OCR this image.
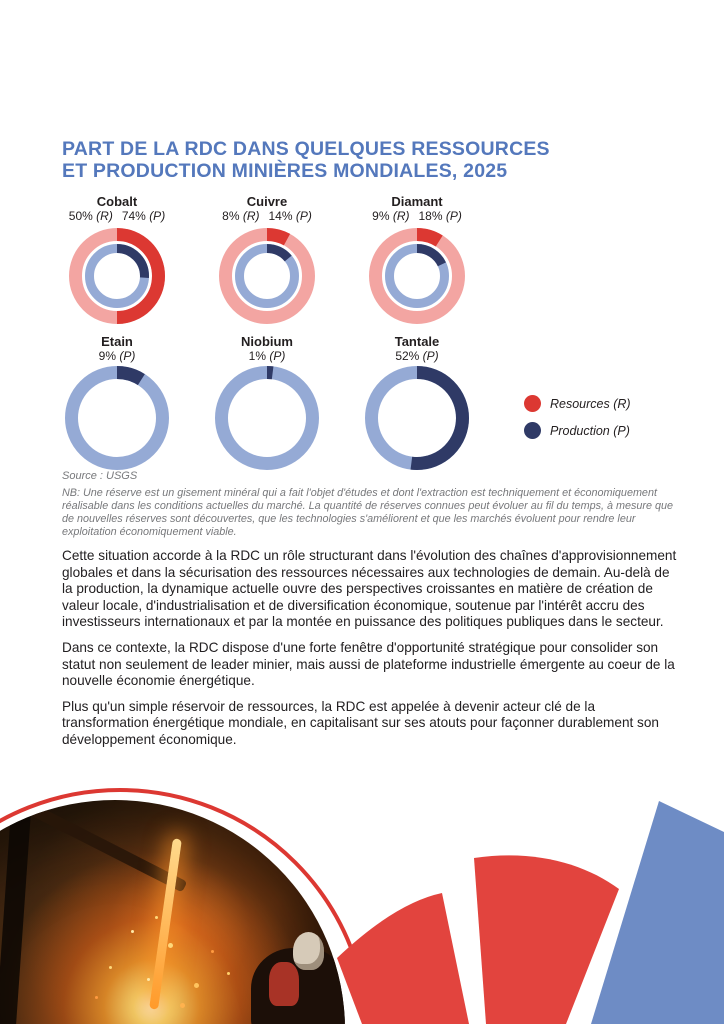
PART DE LA RDC DANS QUELQUES RESSOURCES
ET PRODUCTION MINIÈRES MONDIALES, 2025
Cobalt
50% (R) 74% (P)
Cuivre
8% (R) 14% (P)
Diamant
9% (R) 18% (P)
Etain
9% (P)
Niobium
1% (P)
Tantale
52% (P)
Resources (R)
Production (P)
Source : USGS
NB: Une réserve est un gisement minéral qui a fait l'objet d'études et dont l'extraction est techniquement et économiquement réalisable dans les conditions actuelles du marché. La quantité de réserves connues peut évoluer au fil du temps, à mesure que de nouvelles réserves sont découvertes, que les technologies s'améliorent et que les marchés évoluent pour rendre leur exploitation économiquement viable.

Cette situation accorde à la RDC un rôle structurant dans l'évolution des chaînes d'approvisionnement globales et dans la sécurisation des ressources nécessaires aux technologies de demain. Au-delà de la production, la dynamique actuelle ouvre des perspectives croissantes en matière de création de valeur locale, d'industrialisation et de diversification économique, soutenue par l'intérêt accru des investisseurs internationaux et par la montée en puissance des politiques publiques dans le secteur.

Dans ce contexte, la RDC dispose d'une forte fenêtre d'opportunité stratégique pour consolider son statut non seulement de leader minier, mais aussi de plateforme industrielle émergente au coeur de la nouvelle économie énergétique.

Plus qu'un simple réservoir de ressources, la RDC est appelée à devenir acteur clé de la transformation énergétique mondiale, en capitalisant sur ses atouts pour façonner durablement son développement économique.
